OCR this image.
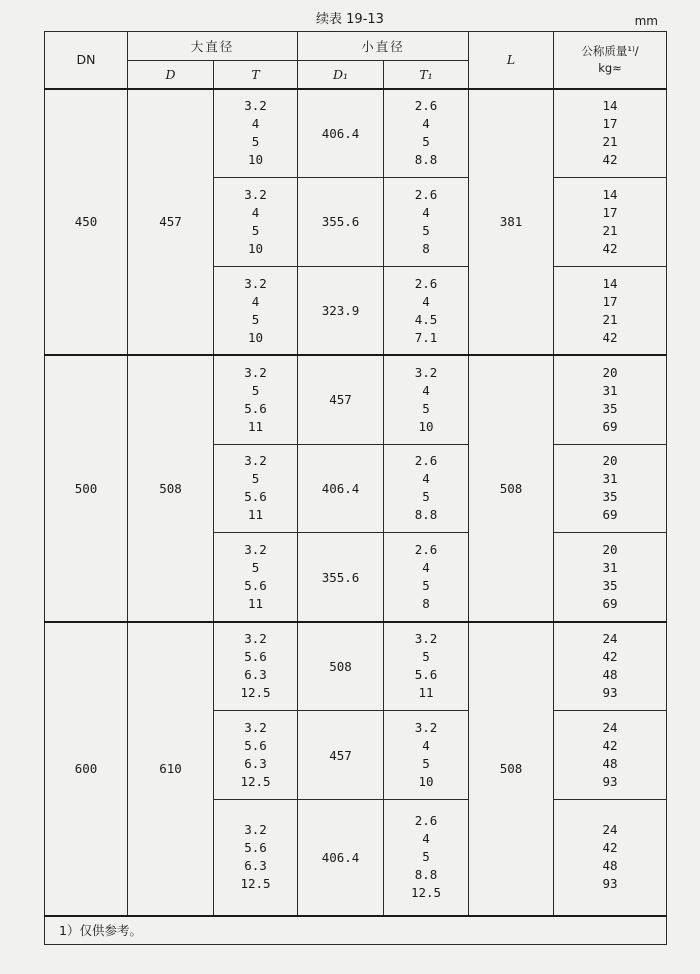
续表 19-13	mm
DN	大直径		小直径		L	公称质量¹⁾/
kg≈

	D	T	D₁	T₁		
450	457	3.2
4
5
10	406.4	2.6
4
5
8.8	381	14
17
21
42

		3.2
4
5
10	355.6	2.6
4
5
8		14
17
21
42

		3.2
4
5
10	323.9	2.6
4
4.5
7.1		14
17
21
42

500	508	3.2
5
5.6
11	457	3.2
4
5
10	508	20
31
35
69

		3.2
5
5.6
11	406.4	2.6
4
5
8.8		20
31
35
69

		3.2
5
5.6
11	355.6	2.6
4
5
8		20
31
35
69

600	610	3.2
5.6
6.3
12.5	508	3.2
5
5.6
11	508	24
42
48
93

		3.2
5.6
6.3
12.5	457	3.2
4
5
10		24
42
48
93

		3.2
5.6
6.3
12.5	406.4	2.6
4
5
8.8
12.5		24
42
48
93

1）仅供参考。						
